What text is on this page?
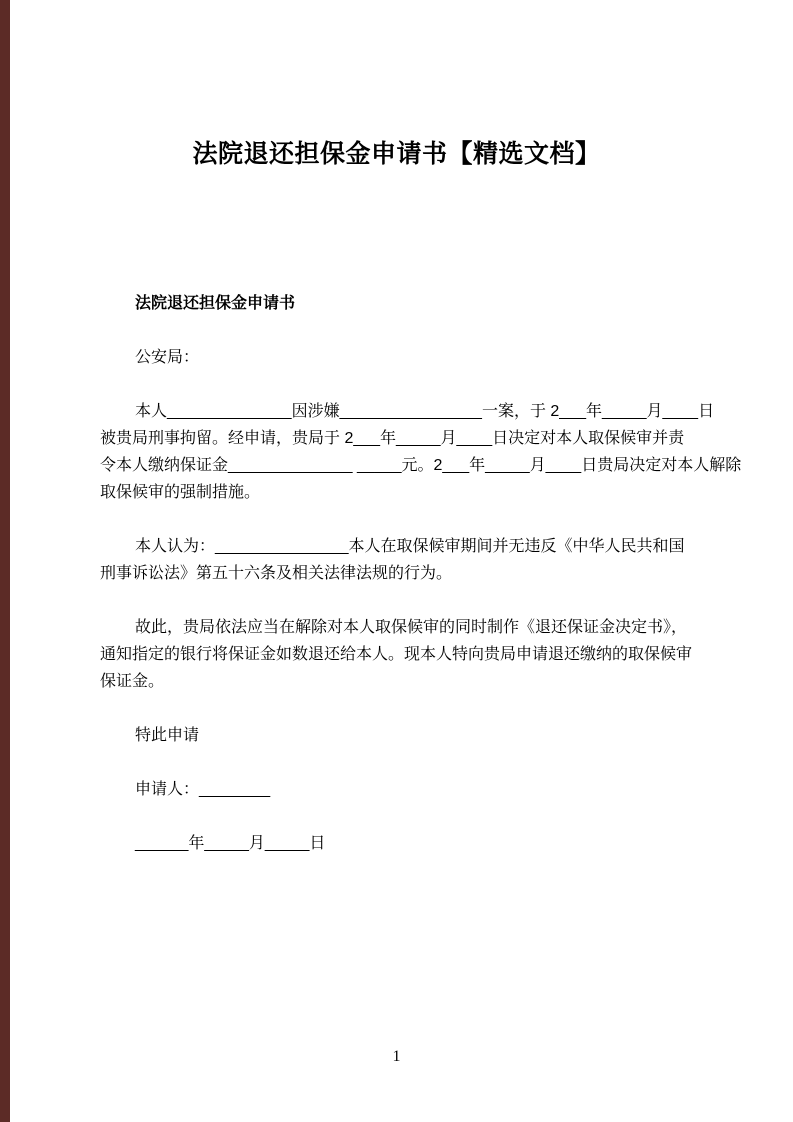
法院退还担保金申请书【精选文档】
法院退还担保金申请书
公安局：
本人______________因涉嫌________________一案，于 2___年_____月____日
被贵局刑事拘留。经申请，贵局于 2___年_____月____日决定对本人取保候审并责
令本人缴纳保证金______________ _____元。2___年_____月____日贵局决定对本人解除
取保候审的强制措施。
本人认为：_______________本人在取保候审期间并无违反《中华人民共和国
刑事诉讼法》第五十六条及相关法律法规的行为。
故此，贵局依法应当在解除对本人取保候审的同时制作《退还保证金决定书》，
通知指定的银行将保证金如数退还给本人。现本人特向贵局申请退还缴纳的取保候审
保证金。
特此申请
申请人：________
______年_____月_____日
1
